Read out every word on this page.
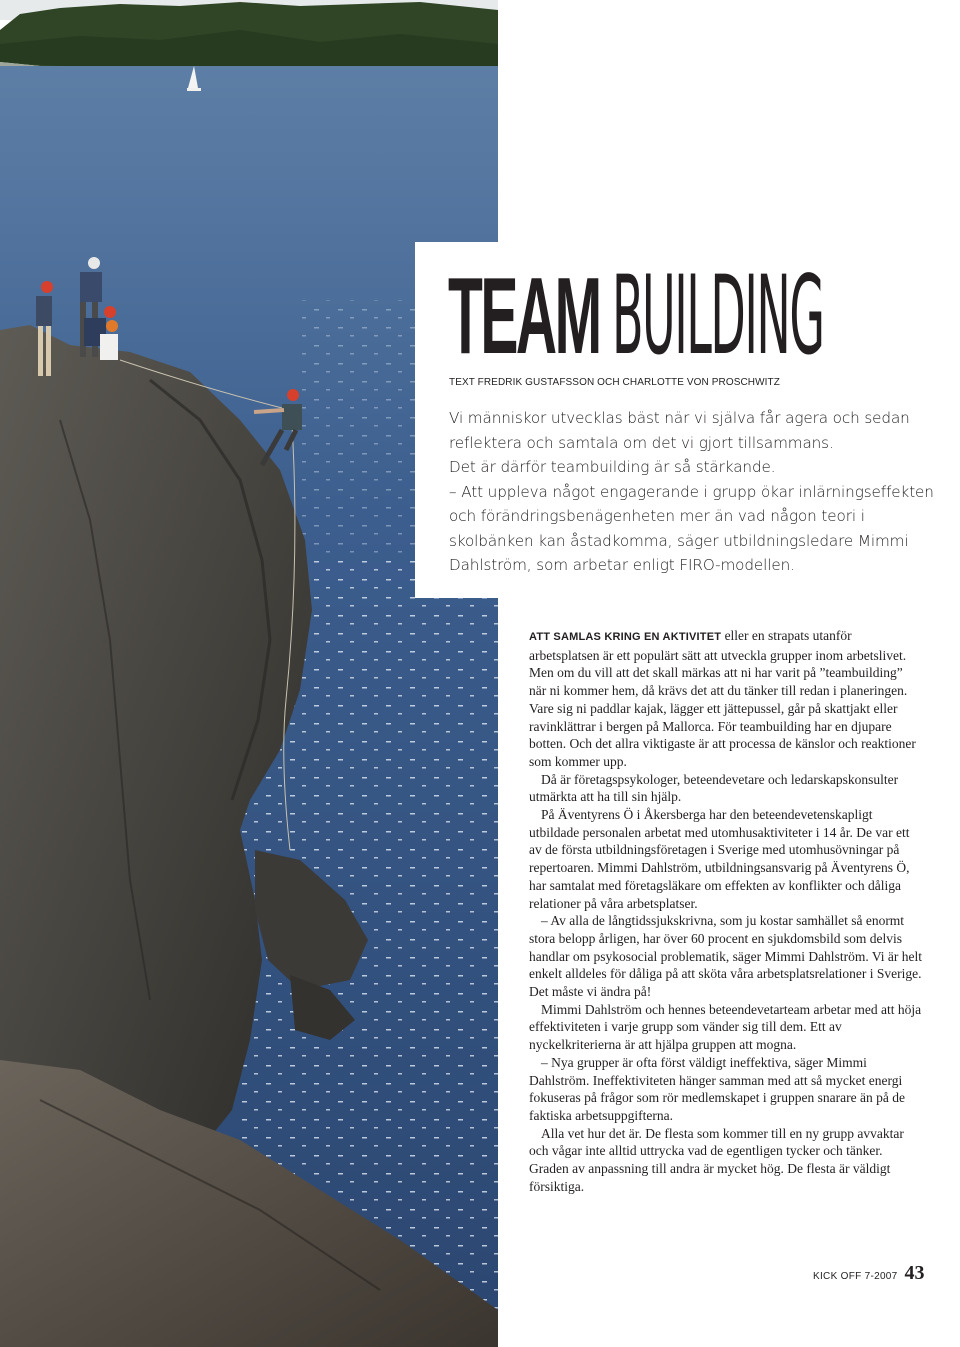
TEAM BUILDING
TEXT FREDRIK GUSTAFSSON OCH CHARLOTTE VON PROSCHWITZ

Vi människor utvecklas bäst när vi själva får agera och sedan

reflektera och samtala om det vi gjort tillsammans.

Det är därför teambuilding är så stärkande.

– Att uppleva något engagerande i grupp ökar inlärningseffekten

och förändringsbenägenheten mer än vad någon teori i

skolbänken kan åstadkomma, säger utbildningsledare Mimmi

Dahlström, som arbetar enligt FIRO-modellen.

ATT SAMLAS KRING EN AKTIVITET eller en strapats utanför arbetsplatsen är ett populärt sätt att utveckla grupper inom arbetslivet. Men om du vill att det skall märkas att ni har varit på ”teambuilding” när ni kommer hem, då krävs det att du tänker till redan i planeringen. Vare sig ni paddlar kajak, lägger ett jättepussel, går på skattjakt eller ravinklättrar i bergen på Mallorca. För teambuilding har en djupare botten. Och det allra viktigaste är att processa de känslor och reaktioner som kommer upp.

Då är företagspsykologer, beteendevetare och ledarskapskonsulter utmärkta att ha till sin hjälp.

På Äventyrens Ö i Åkersberga har den beteendevetenskapligt utbildade personalen arbetat med utomhusaktiviteter i 14 år. De var ett av de första utbildningsföretagen i Sverige med utomhusövningar på repertoaren. Mimmi Dahlström, utbildningsansvarig på Äventyrens Ö, har samtalat med företagsläkare om effekten av konflikter och dåliga relationer på våra arbetsplatser.

– Av alla de långtidssjukskrivna, som ju kostar samhället så enormt stora belopp årligen, har över 60 procent en sjukdomsbild som delvis handlar om psykosocial problematik, säger Mimmi Dahlström. Vi är helt enkelt alldeles för dåliga på att sköta våra arbetsplatsrelationer i Sverige. Det måste vi ändra på!

Mimmi Dahlström och hennes beteendevetarteam arbetar med att höja effektiviteten i varje grupp som vänder sig till dem. Ett av nyckelkriterierna är att hjälpa gruppen att mogna.

– Nya grupper är ofta först väldigt ineffektiva, säger Mimmi Dahlström. Ineffektiviteten hänger samman med att så mycket energi fokuseras på frågor som rör medlemskapet i gruppen snarare än på de faktiska arbetsuppgifterna.

Alla vet hur det är. De flesta som kommer till en ny grupp avvaktar och vågar inte alltid uttrycka vad de egentligen tycker och tänker. Graden av anpassning till andra är mycket hög. De flesta är väldigt försiktiga.

KICK OFF 7-2007 43
